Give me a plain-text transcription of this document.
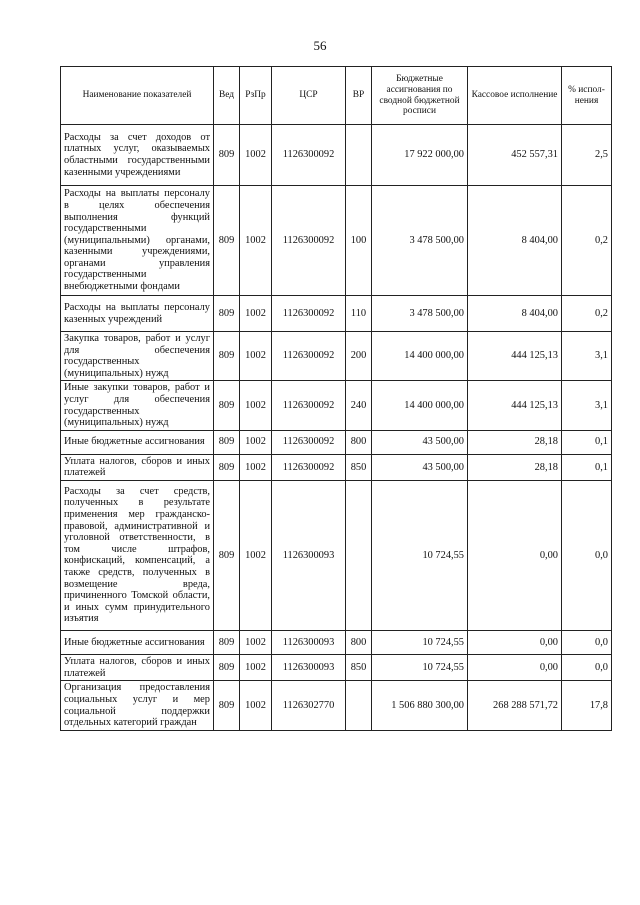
56
Наименование показателей	Вед	РзПр	ЦСР	ВР	Бюджетные ассигнования по сводной бюджетной росписи	Кассовое исполнение	% испол-нения
Расходы за счет доходов от платных услуг, оказываемых областными государственными казенными учреждениями	809	1002	1126300092		17 922 000,00	452 557,31	2,5
Расходы на выплаты персоналу в целях обеспечения выполнения функций государственными (муниципальными) органами, казенными учреждениями, органами управления государственными внебюджетными фондами	809	1002	1126300092	100	3 478 500,00	8 404,00	0,2
Расходы на выплаты персоналу казенных учреждений	809	1002	1126300092	110	3 478 500,00	8 404,00	0,2
Закупка товаров, работ и услуг для обеспечения государственных (муниципальных) нужд	809	1002	1126300092	200	14 400 000,00	444 125,13	3,1
Иные закупки товаров, работ и услуг для обеспечения государственных (муниципальных) нужд	809	1002	1126300092	240	14 400 000,00	444 125,13	3,1
Иные бюджетные ассигнования	809	1002	1126300092	800	43 500,00	28,18	0,1
Уплата налогов, сборов и иных платежей	809	1002	1126300092	850	43 500,00	28,18	0,1
Расходы за счет средств, полученных в результате применения мер гражданско-правовой, административной и уголовной ответственности, в том числе штрафов, конфискаций, компенсаций, а также средств, полученных в возмещение вреда, причиненного Томской области, и иных сумм принудительного изъятия	809	1002	1126300093		10 724,55	0,00	0,0
Иные бюджетные ассигнования	809	1002	1126300093	800	10 724,55	0,00	0,0
Уплата налогов, сборов и иных платежей	809	1002	1126300093	850	10 724,55	0,00	0,0
Организация предоставления социальных услуг и мер социальной поддержки отдельных категорий граждан	809	1002	1126302770		1 506 880 300,00	268 288 571,72	17,8
